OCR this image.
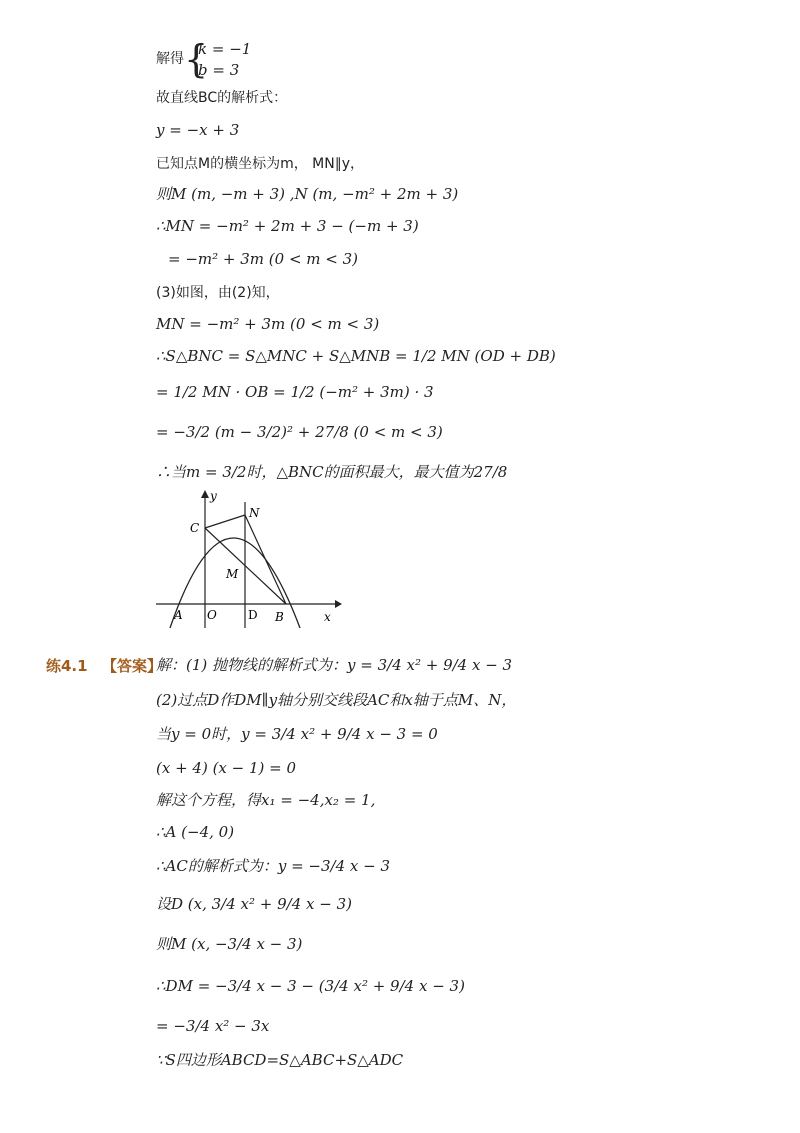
解得 {
k = −1
b = 3
故直线BC的解析式：
y = −x + 3
已知点M的横坐标为m， MN∥y，
则M (m, −m + 3) ,N (m, −m² + 2m + 3)
∴MN = −m² + 2m + 3 − (−m + 3)
= −m² + 3m (0 < m < 3)
(3)如图，由(2)知，
MN = −m² + 3m (0 < m < 3)
∴S△BNC = S△MNC + S△MNB = 1/2 MN (OD + DB)
= 1/2 MN · OB = 1/2 (−m² + 3m) · 3
= −3/2 (m − 3/2)² + 27/8 (0 < m < 3)
∴当m = 3/2时，△BNC的面积最大，最大值为27/8
y
C
N
M
A O	D B	x
练4.1 【答案】
解：(1) 抛物线的解析式为：y = 3/4 x² + 9/4 x − 3
(2)过点D作DM∥y轴分别交线段AC和x轴于点M、N，
当y = 0时，y = 3/4 x² + 9/4 x − 3 = 0
(x + 4) (x − 1) = 0
解这个方程，得x₁ = −4,x₂ = 1,
∴A (−4, 0)
∴AC的解析式为：y = −3/4 x − 3
设D (x, 3/4 x² + 9/4 x − 3)
则M (x, −3/4 x − 3)
∴DM = −3/4 x − 3 − (3/4 x² + 9/4 x − 3)
= −3/4 x² − 3x
∵S四边形ABCD=S△ABC+S△ADC
